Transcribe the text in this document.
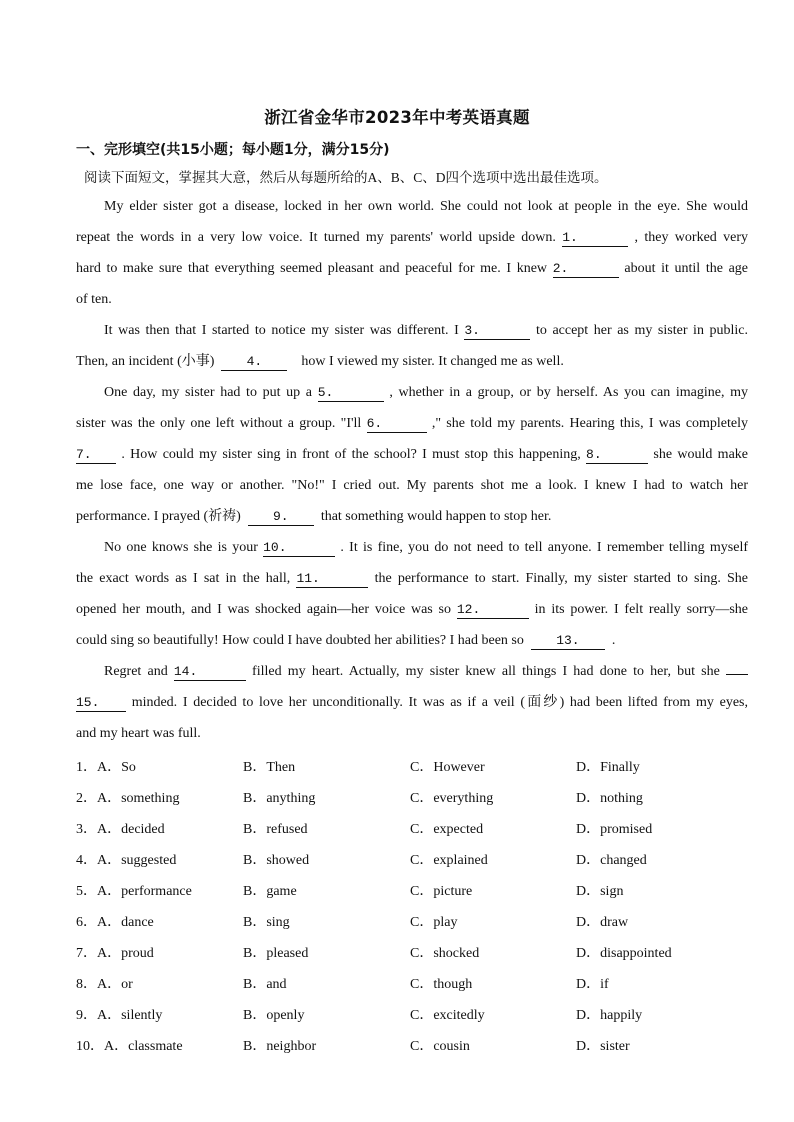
浙江省金华市2023年中考英语真题
一、完形填空(共15小题；每小题1分，满分15分)
阅读下面短文，掌握其大意，然后从每题所给的A、B、C、D四个选项中选出最佳选项。
My elder sister got a disease, locked in her own world. She could not look at people in the eye. She would
repeat the words in a very low voice. It turned my parents' world upside down. 1.	, they worked very
hard to make sure that everything seemed pleasant and peaceful for me. I knew 2.	about it until the age
of ten.
It was then that I started to notice my sister was different. I 3.	to accept her as my sister in public.
Then, an incident (小事) 4.	how I viewed my sister. It changed me as well.
One day, my sister had to put up a 5.	, whether in a group, or by herself. As you can imagine, my
sister was the only one left without a group. "I'll 6.	," she told my parents. Hearing this, I was completely
7. . How could my sister sing in front of the school? I must stop this happening, 8.	she would make
me lose face, one way or another. "No!" I cried out. My parents shot me a look. I knew I had to watch her
performance. I prayed (祈祷) 9. that something would happen to stop her.
No one knows she is your 10.	. It is fine, you do not need to tell anyone. I remember telling myself
the exact words as I sat in the hall, 11.	the performance to start. Finally, my sister started to sing. She
opened her mouth, and I was shocked again—her voice was so 12.	in its power. I felt really sorry—she
could sing so beautifully! How could I have doubted her abilities? I had been so 13. .
Regret and 14.	filled my heart. Actually, my sister knew all things I had done to her, but she
15. minded. I decided to love her unconditionally. It was as if a veil (面纱) had been lifted from my eyes,
and my heart was full.
1．A．So	B．Then	C．However	D．Finally
2．A．something	B．anything	C．everything	D．nothing
3．A．decided	B．refused	C．expected	D．promised
4．A．suggested	B．showed	C．explained	D．changed
5．A．performance	B．game	C．picture	D．sign
6．A．dance	B．sing	C．play	D．draw
7．A．proud	B．pleased	C．shocked	D．disappointed
8．A．or	B．and	C．though	D．if
9．A．silently	B．openly	C．excitedly	D．happily
10．A．classmate	B．neighbor	C．cousin	D．sister
